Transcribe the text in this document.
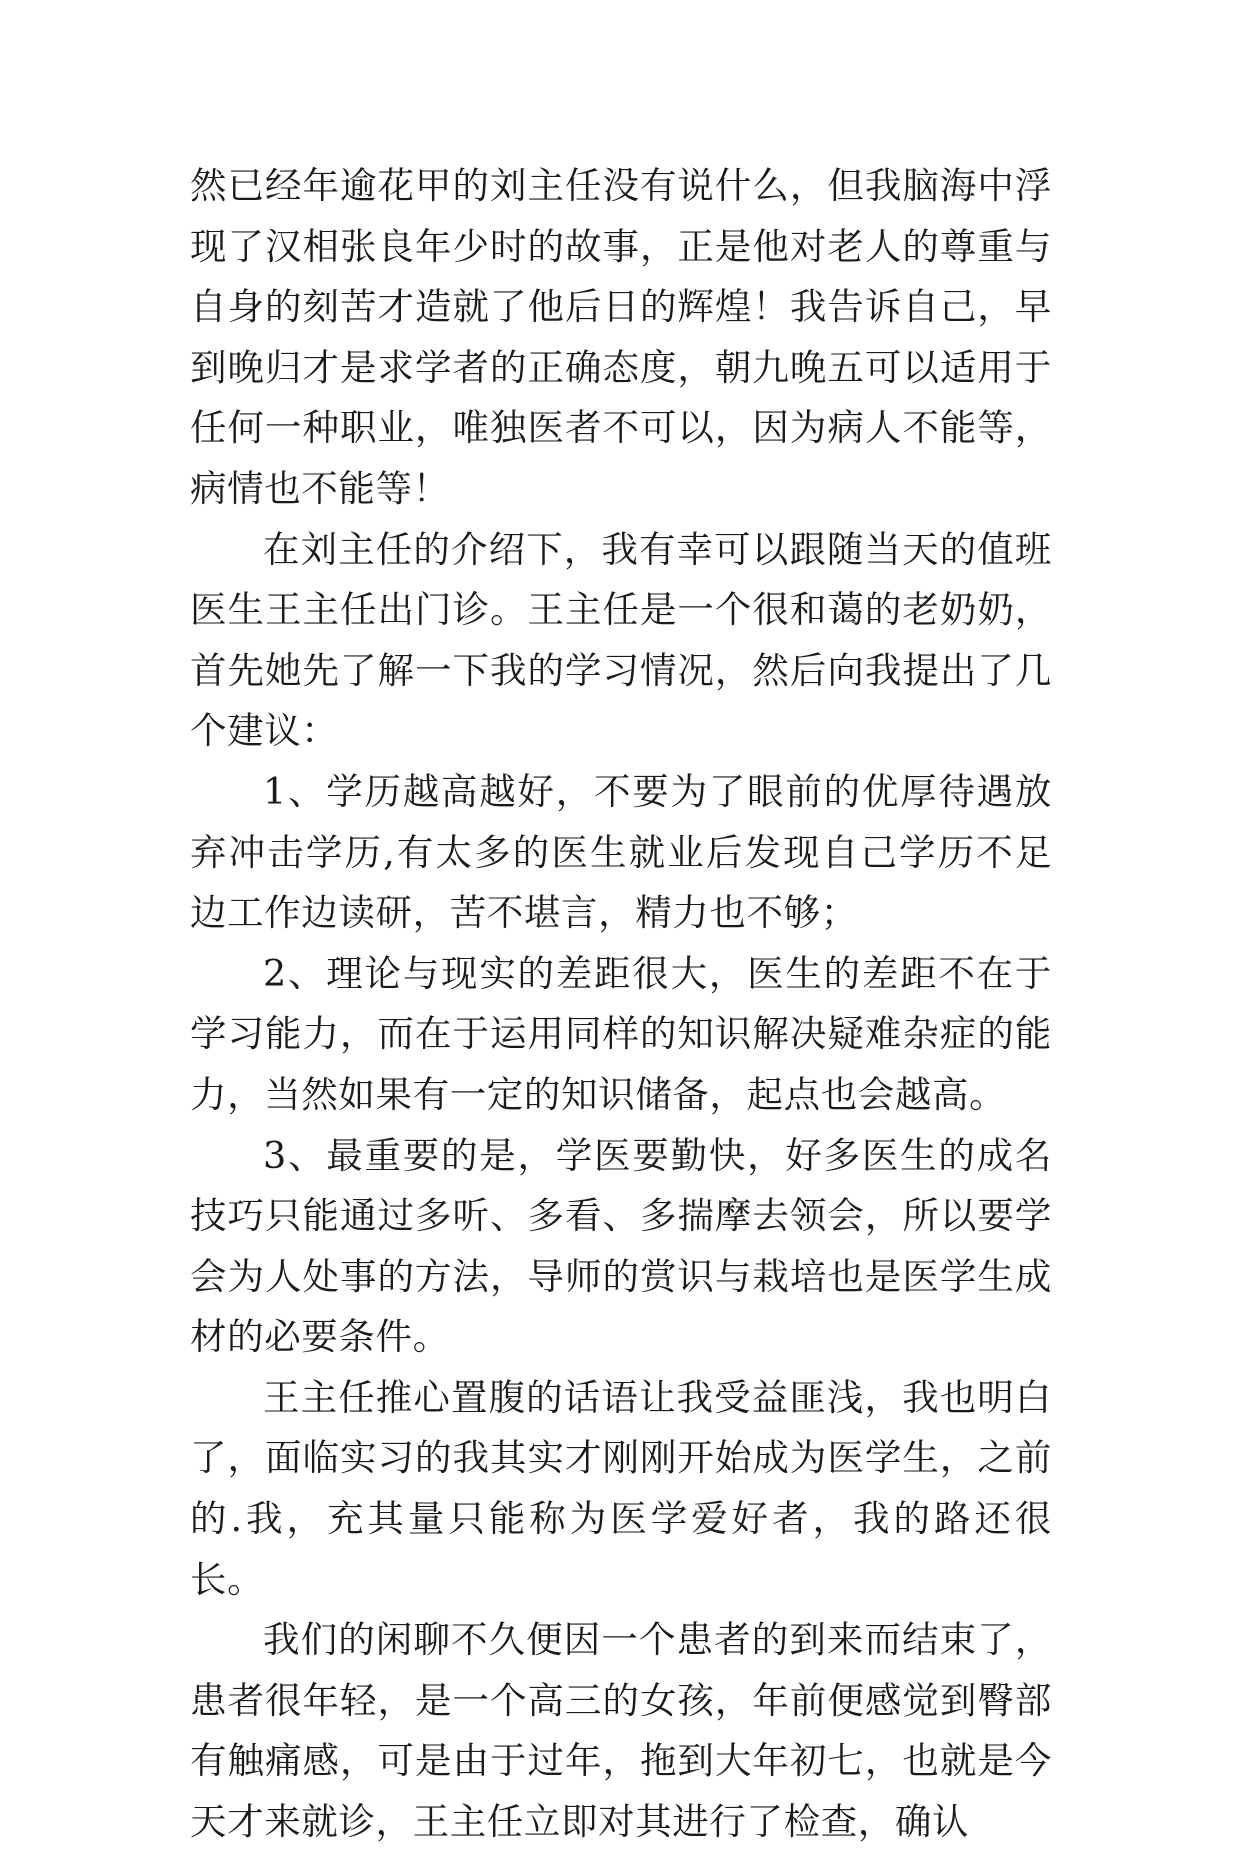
然已经年逾花甲的刘主任没有说什么，但我脑海中浮现了汉相张良年少时的故事，正是他对老人的尊重与自身的刻苦才造就了他后日的辉煌！我告诉自己，早到晚归才是求学者的正确态度，朝九晚五可以适用于任何一种职业，唯独医者不可以，因为病人不能等，病情也不能等！

在刘主任的介绍下，我有幸可以跟随当天的值班医生王主任出门诊。王主任是一个很和蔼的老奶奶，首先她先了解一下我的学习情况，然后向我提出了几个建议：

1、学历越高越好，不要为了眼前的优厚待遇放弃冲击学历,有太多的医生就业后发现自己学历不足边工作边读研，苦不堪言，精力也不够；

2、理论与现实的差距很大，医生的差距不在于学习能力，而在于运用同样的知识解决疑难杂症的能力，当然如果有一定的知识储备，起点也会越高。

3、最重要的是，学医要勤快，好多医生的成名技巧只能通过多听、多看、多揣摩去领会，所以要学会为人处事的方法，导师的赏识与栽培也是医学生成材的必要条件。

王主任推心置腹的话语让我受益匪浅，我也明白了，面临实习的我其实才刚刚开始成为医学生，之前的.我，充其量只能称为医学爱好者，我的路还很长。

我们的闲聊不久便因一个患者的到来而结束了，患者很年轻，是一个高三的女孩，年前便感觉到臀部有触痛感，可是由于过年，拖到大年初七，也就是今天才来就诊，王主任立即对其进行了检查，确认
